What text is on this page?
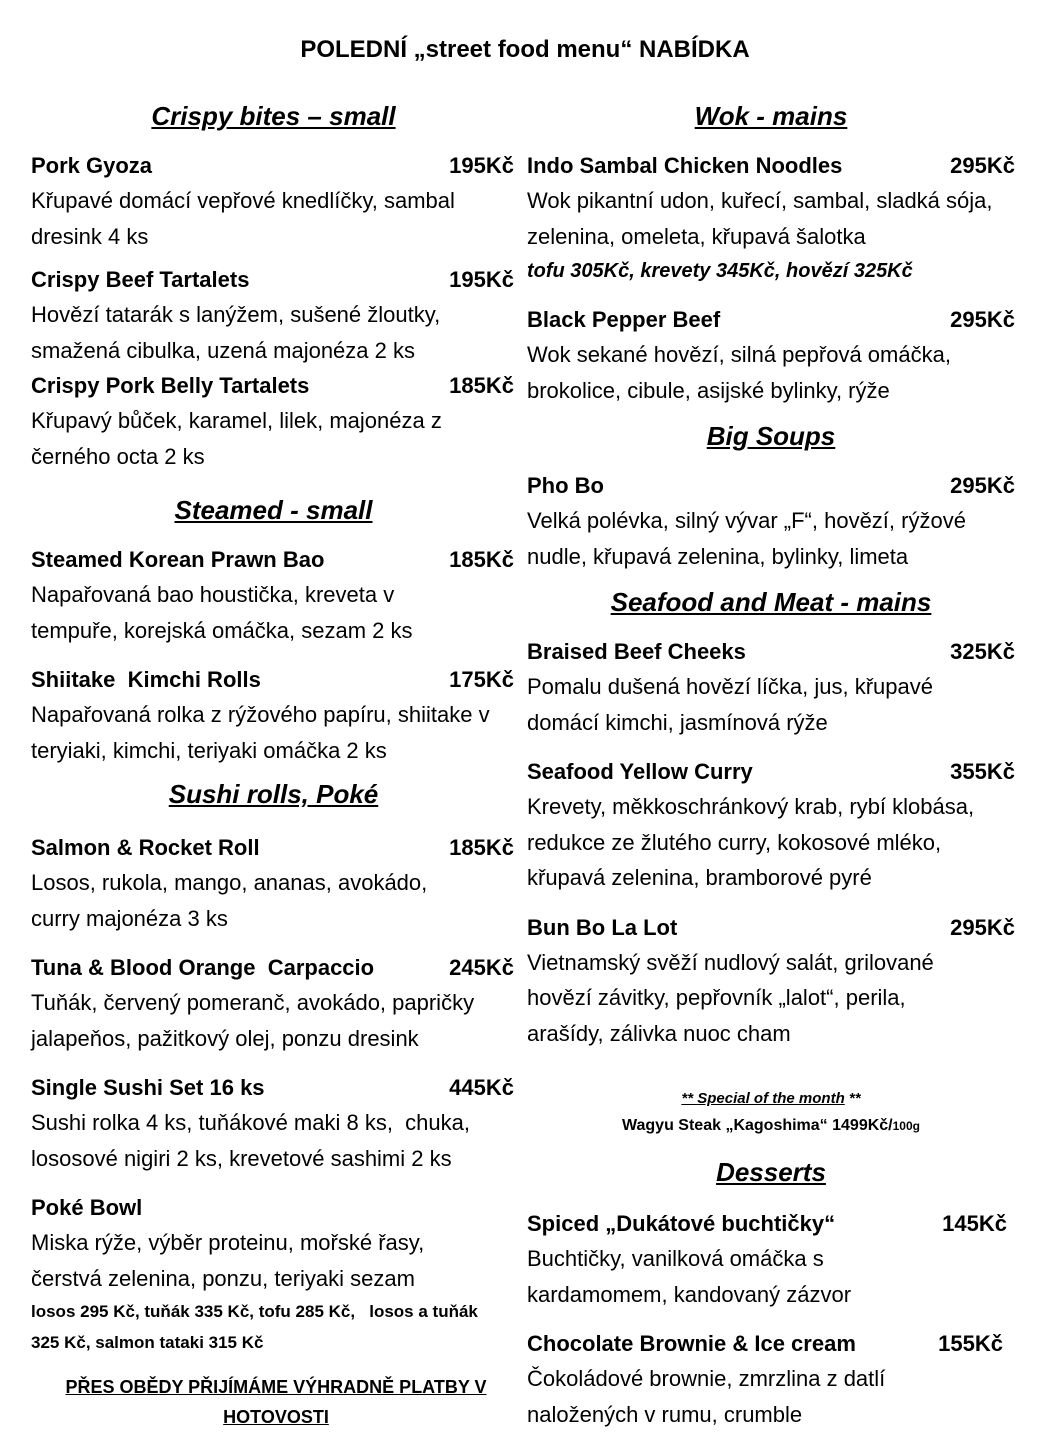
POLEDNÍ „street food menu“ NABÍDKA
Crispy bites – small
Pork Gyoza	195Kč
Křupavé domácí vepřové knedlíčky, sambal dresink 4 ks
Crispy Beef Tartalets	195Kč
Hovězí tatarák s lanýžem, sušené žloutky, smažená cibulka, uzená majonéza 2 ks
Crispy Pork Belly Tartalets	185Kč
Křupavý bůček, karamel, lilek, majonéza z černého octa 2 ks
Steamed - small
Steamed Korean Prawn Bao	185Kč
Napařovaná bao houstička, kreveta v tempuře, korejská omáčka, sezam 2 ks
Shiitake  Kimchi Rolls	175Kč
Napařovaná rolka z rýžového papíru, shiitake v teryiaki, kimchi, teriyaki omáčka 2 ks
Sushi rolls, Poké
Salmon & Rocket Roll	185Kč
Losos, rukola, mango, ananas, avokádo, curry majonéza 3 ks
Tuna & Blood Orange  Carpaccio	245Kč
Tuňák, červený pomeranč, avokádo, papričky jalapeňos, pažitkový olej, ponzu dresink
Single Sushi Set 16 ks	445Kč
Sushi rolka 4 ks, tuňákové maki 8 ks,  chuka, lososové nigiri 2 ks, krevetové sashimi 2 ks
Poké Bowl
Miska rýže, výběr proteinu, mořské řasy, čerstvá zelenina, ponzu, teriyaki sezam
losos 295 Kč, tuňák 335 Kč, tofu 285 Kč,   losos a tuňák 325 Kč, salmon tataki 315 Kč
PŘES OBĚDY PŘIJÍMÁME VÝHRADNĚ PLATBY V HOTOVOSTI
Wok - mains
Indo Sambal Chicken Noodles	295Kč
Wok pikantní udon, kuřecí, sambal, sladká sója, zelenina, omeleta, křupavá šalotka
tofu 305Kč, krevety 345Kč, hovězí 325Kč
Black Pepper Beef	295Kč
Wok sekané hovězí, silná pepřová omáčka, brokolice, cibule, asijské bylinky, rýže
Big Soups
Pho Bo	295Kč
Velká polévka, silný vývar „F“, hovězí, rýžové nudle, křupavá zelenina, bylinky, limeta
Seafood and Meat - mains
Braised Beef Cheeks	325Kč
Pomalu dušená hovězí líčka, jus, křupavé domácí kimchi, jasmínová rýže
Seafood Yellow Curry	355Kč
Krevety, měkkoschránkový krab, rybí klobása, redukce ze žlutého curry, kokosové mléko, křupavá zelenina, bramborové pyré
Bun Bo La Lot	295Kč
Vietnamský svěží nudlový salát, grilované hovězí závitky, pepřovník „lalot“, perila, arašídy, zálivka nuoc cham
** Special of the month **
Wagyu Steak „Kagoshima“ 1499Kč/100g
Desserts
Spiced „Dukátové buchtičky“	145Kč
Buchtičky, vanilková omáčka s kardamomem, kandovaný zázvor
Chocolate Brownie & Ice cream	155Kč
Čokoládové brownie, zmrzlina z datlí naložených v rumu, crumble
